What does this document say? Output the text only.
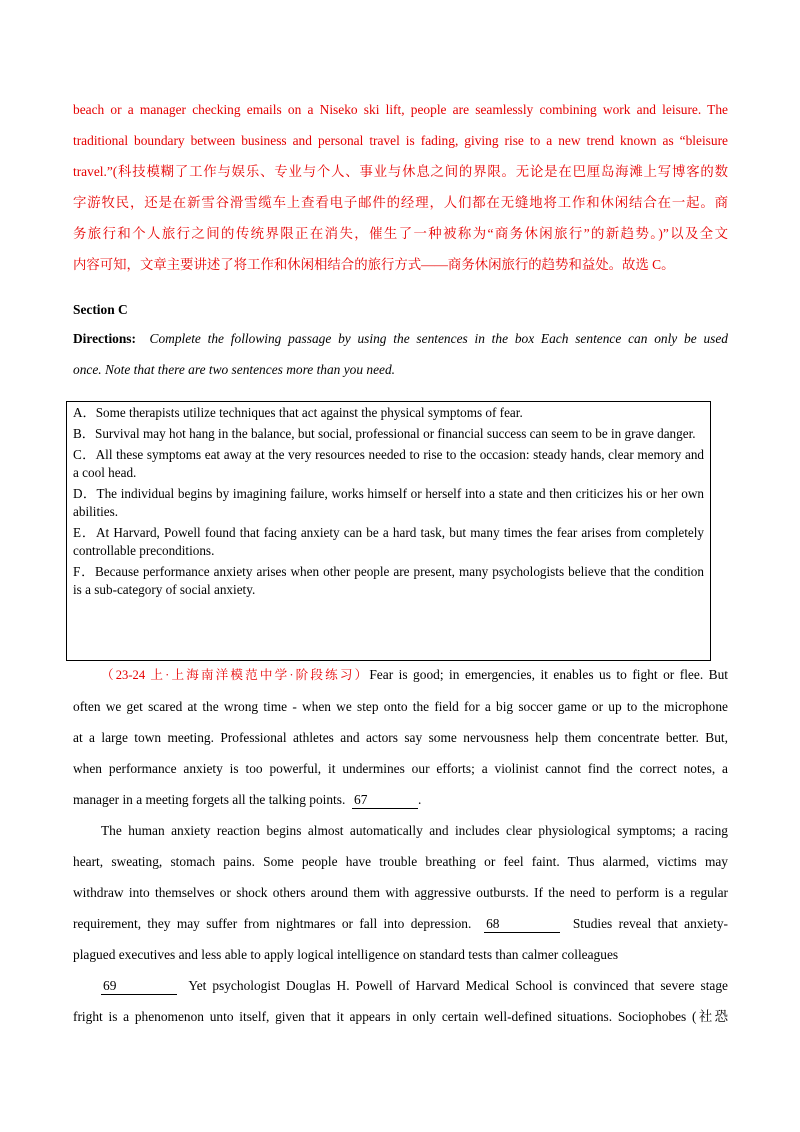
beach or a manager checking emails on a Niseko ski lift, people are seamlessly combining work and leisure. The
traditional boundary between business and personal travel is fading, giving rise to a new trend known as “bleisure
travel.”(科技模糊了工作与娱乐、专业与个人、事业与休息之间的界限。无论是在巴厘岛海滩上写博客的数
字游牧民，还是在新雪谷滑雪缆车上查看电子邮件的经理，人们都在无缝地将工作和休闲结合在一起。商
务旅行和个人旅行之间的传统界限正在消失，催生了一种被称为“商务休闲旅行”的新趋势。)”以及全文
内容可知，文章主要讲述了将工作和休闲相结合的旅行方式——商务休闲旅行的趋势和益处。故选 C。

Section C

Directions: Complete the following passage by using the sentences in the box Each sentence can only be used
once. Note that there are two sentences more than you need.

A．Some therapists utilize techniques that act against the physical symptoms of fear.

B．Survival may hot hang in the balance, but social, professional or financial success can seem to be in grave danger.

C．All these symptoms eat away at the very resources needed to rise to the occasion: steady hands, clear memory and a cool head.

D．The individual begins by imagining failure, works himself or herself into a state and then criticizes his or her own abilities.

E．At Harvard, Powell found that facing anxiety can be a hard task, but many times the fear arises from completely controllable preconditions.

F．Because performance anxiety arises when other people are present, many psychologists believe that the condition is a sub-category of social anxiety.

（23-24 上·上海南洋模范中学·阶段练习）Fear is good; in emergencies, it enables us to fight or flee. But
often we get scared at the wrong time - when we step onto the field for a big soccer game or up to the microphone
at a large town meeting. Professional athletes and actors say some nervousness help them concentrate better. But,
when performance anxiety is too powerful, it undermines our efforts; a violinist cannot find the correct notes, a
manager in a meeting forgets all the talking points. 67	.

The human anxiety reaction begins almost automatically and includes clear physiological symptoms; a racing
heart, sweating, stomach pains. Some people have trouble breathing or feel faint. Thus alarmed, victims may
withdraw into themselves or shock others around them with aggressive outbursts. If the need to perform is a regular
requirement, they may suffer from nightmares or fall into depression. 68	Studies reveal that anxiety-
plagued executives and less able to apply logical intelligence on standard tests than calmer colleagues

69	Yet psychologist Douglas H. Powell of Harvard Medical School is convinced that severe stage
fright is a phenomenon unto itself, given that it appears in only certain well-defined situations. Sociophobes (社恐
